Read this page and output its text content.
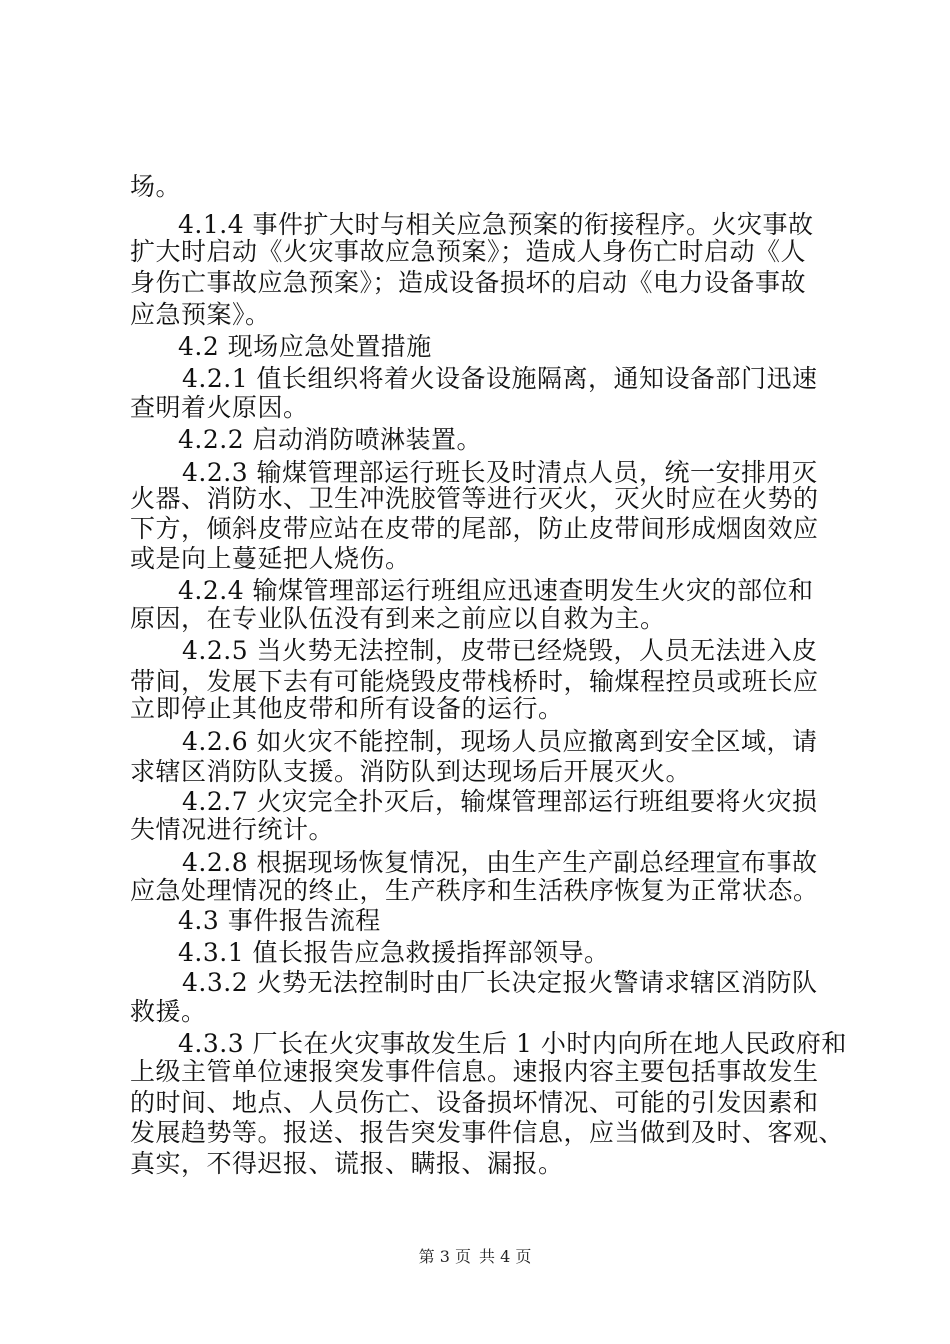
场。
4.1.4 事件扩大时与相关应急预案的衔接程序。火灾事故
扩大时启动《火灾事故应急预案》；造成人身伤亡时启动《人
身伤亡事故应急预案》；造成设备损坏的启动《电力设备事故
应急预案》。
4.2 现场应急处置措施
4.2.1 值长组织将着火设备设施隔离，通知设备部门迅速
查明着火原因。
4.2.2 启动消防喷淋装置。
4.2.3 输煤管理部运行班长及时清点人员，统一安排用灭
火器、消防水、卫生冲洗胶管等进行灭火，灭火时应在火势的
下方，倾斜皮带应站在皮带的尾部，防止皮带间形成烟囱效应
或是向上蔓延把人烧伤。
4.2.4 输煤管理部运行班组应迅速查明发生火灾的部位和
原因，在专业队伍没有到来之前应以自救为主。
4.2.5 当火势无法控制，皮带已经烧毁，人员无法进入皮
带间，发展下去有可能烧毁皮带栈桥时，输煤程控员或班长应
立即停止其他皮带和所有设备的运行。
4.2.6 如火灾不能控制，现场人员应撤离到安全区域，请
求辖区消防队支援。消防队到达现场后开展灭火。
4.2.7 火灾完全扑灭后，输煤管理部运行班组要将火灾损
失情况进行统计。
4.2.8 根据现场恢复情况，由生产生产副总经理宣布事故
应急处理情况的终止，生产秩序和生活秩序恢复为正常状态。
4.3 事件报告流程
4.3.1 值长报告应急救援指挥部领导。
4.3.2 火势无法控制时由厂长决定报火警请求辖区消防队
救援。
4.3.3 厂长在火灾事故发生后 1 小时内向所在地人民政府和
上级主管单位速报突发事件信息。速报内容主要包括事故发生
的时间、地点、人员伤亡、设备损坏情况、可能的引发因素和
发展趋势等。报送、报告突发事件信息，应当做到及时、客观、
真实，不得迟报、谎报、瞒报、漏报。
第 3 页 共 4 页
